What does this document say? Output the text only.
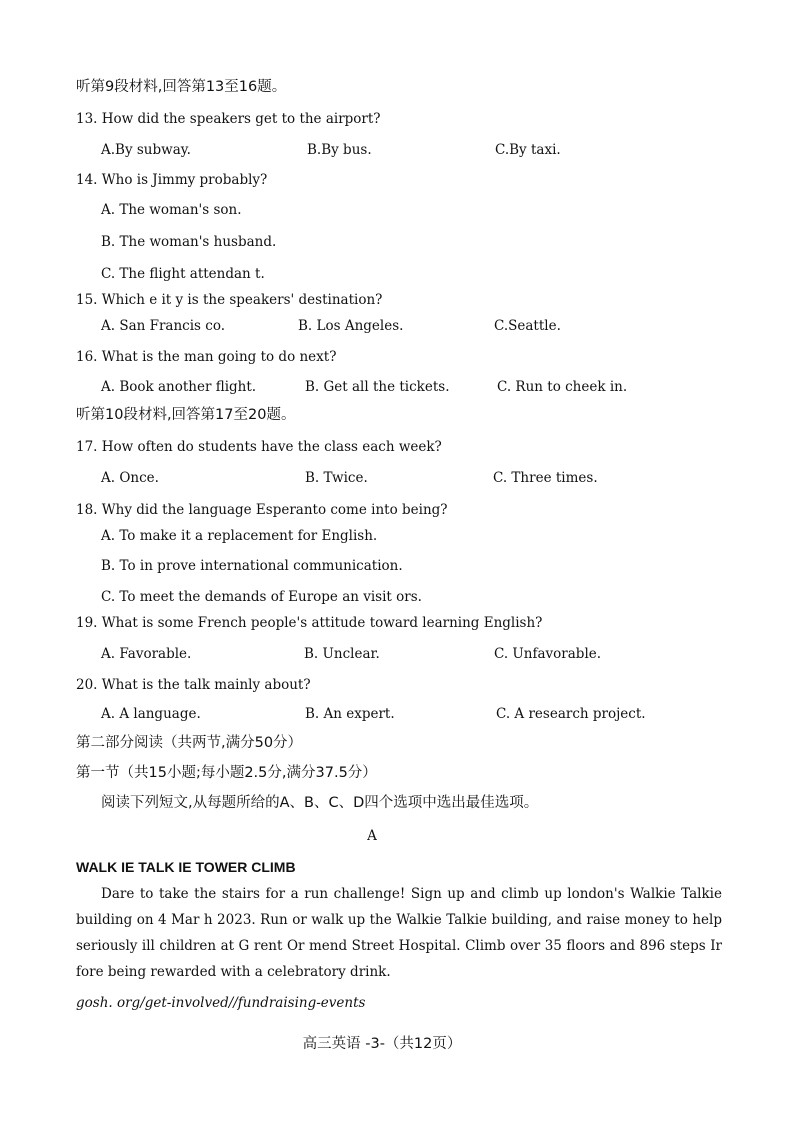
听第9段材料,回答第13至16题。
13. How did the speakers get to the airport?
A.By subway.	B.By bus.	C.By taxi.
14. Who is Jimmy probably?
A. The woman's son.
B. The woman's husband.
C. The flight attendan t.
15. Which e it y is the speakers' destination?
A. San Francis co.	B. Los Angeles.	C.Seattle.
16. What is the man going to do next?
A. Book another flight.	B. Get all the tickets.	C. Run to cheek in.
听第10段材料,回答第17至20题。
17. How often do students have the class each week?
A. Once.	B. Twice.	C. Three times.
18. Why did the language Esperanto come into being?
A. To make it a replacement for English.
B. To in prove international communication.
C. To meet the demands of Europe an visit ors.
19. What is some French people's attitude toward learning English?
A. Favorable.	B. Unclear.	C. Unfavorable.
20. What is the talk mainly about?
A. A language.	B. An expert.	C. A research project.
第二部分阅读（共两节,满分50分）
第一节（共15小题;每小题2.5分,满分37.5分）
阅读下列短文,从每题所给的A、B、C、D四个选项中选出最佳选项。
A
WALK IE TALK IE TOWER CLIMB
Dare to take the stairs for a run challenge! Sign up and climb up london's Walkie Talkie building on 4 Mar h 2023. Run or walk up the Walkie Talkie building, and raise money to help seriously ill children at G rent Or mend Street Hospital. Climb over 35 floors and 896 steps Ir fore being rewarded with a celebratory drink.
gosh. org/get-involved//fundraising-events
高三英语 -3-（共12页）
